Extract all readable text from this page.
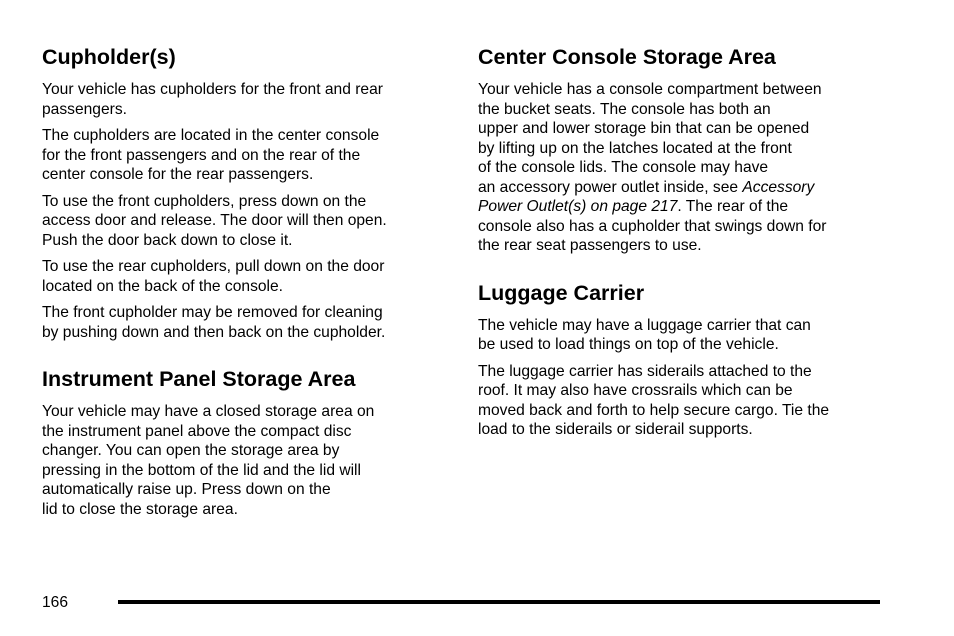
Cupholder(s)

Your vehicle has cupholders for the front and rear
passengers.

The cupholders are located in the center console
for the front passengers and on the rear of the
center console for the rear passengers.

To use the front cupholders, press down on the
access door and release. The door will then open.
Push the door back down to close it.

To use the rear cupholders, pull down on the door
located on the back of the console.

The front cupholder may be removed for cleaning
by pushing down and then back on the cupholder.

Instrument Panel Storage Area

Your vehicle may have a closed storage area on
the instrument panel above the compact disc
changer. You can open the storage area by
pressing in the bottom of the lid and the lid will
automatically raise up. Press down on the
lid to close the storage area.

Center Console Storage Area

Your vehicle has a console compartment between
the bucket seats. The console has both an
upper and lower storage bin that can be opened
by lifting up on the latches located at the front
of the console lids. The console may have
an accessory power outlet inside, see Accessory
Power Outlet(s) on page 217. The rear of the
console also has a cupholder that swings down for
the rear seat passengers to use.

Luggage Carrier

The vehicle may have a luggage carrier that can
be used to load things on top of the vehicle.

The luggage carrier has siderails attached to the
roof. It may also have crossrails which can be
moved back and forth to help secure cargo. Tie the
load to the siderails or siderail supports.

166
